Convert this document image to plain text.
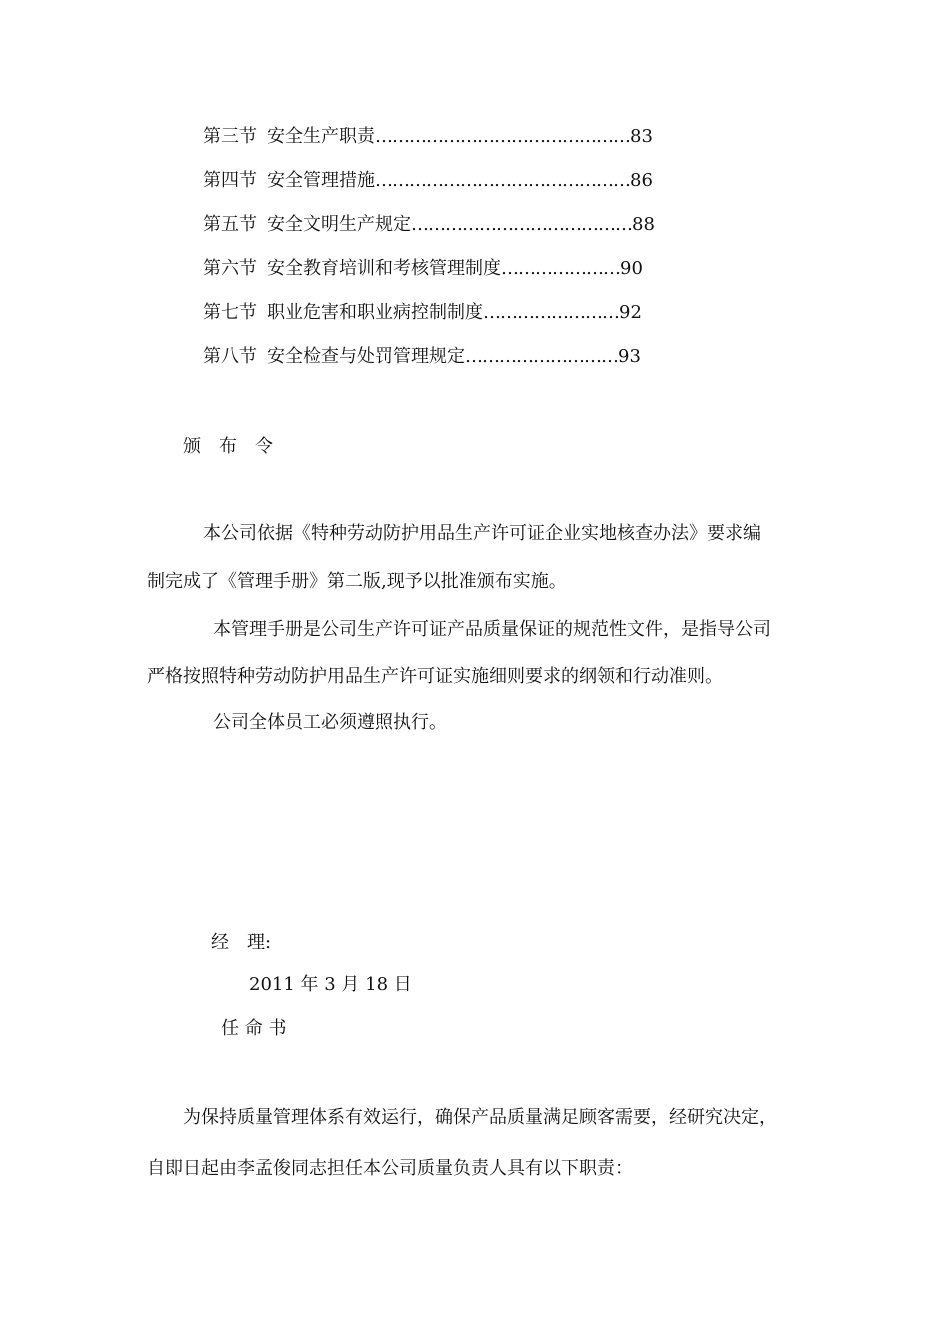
第三节 安全生产职责………………………………………83
第四节 安全管理措施………………………………………86
第五节 安全文明生产规定…………………………………88
第六节 安全教育培训和考核管理制度…………………90
第七节 职业危害和职业病控制制度……………………92
第八节 安全检查与处罚管理规定………………………93
颁　布　令
本公司依据《特种劳动防护用品生产许可证企业实地核查办法》要求编
制完成了《管理手册》第二版,现予以批准颁布实施。
本管理手册是公司生产许可证产品质量保证的规范性文件，是指导公司
严格按照特种劳动防护用品生产许可证实施细则要求的纲领和行动准则。
公司全体员工必须遵照执行。
经　理:
2011 年 3 月 18 日
任 命 书
为保持质量管理体系有效运行，确保产品质量满足顾客需要，经研究决定，
自即日起由李孟俊同志担任本公司质量负责人具有以下职责：
